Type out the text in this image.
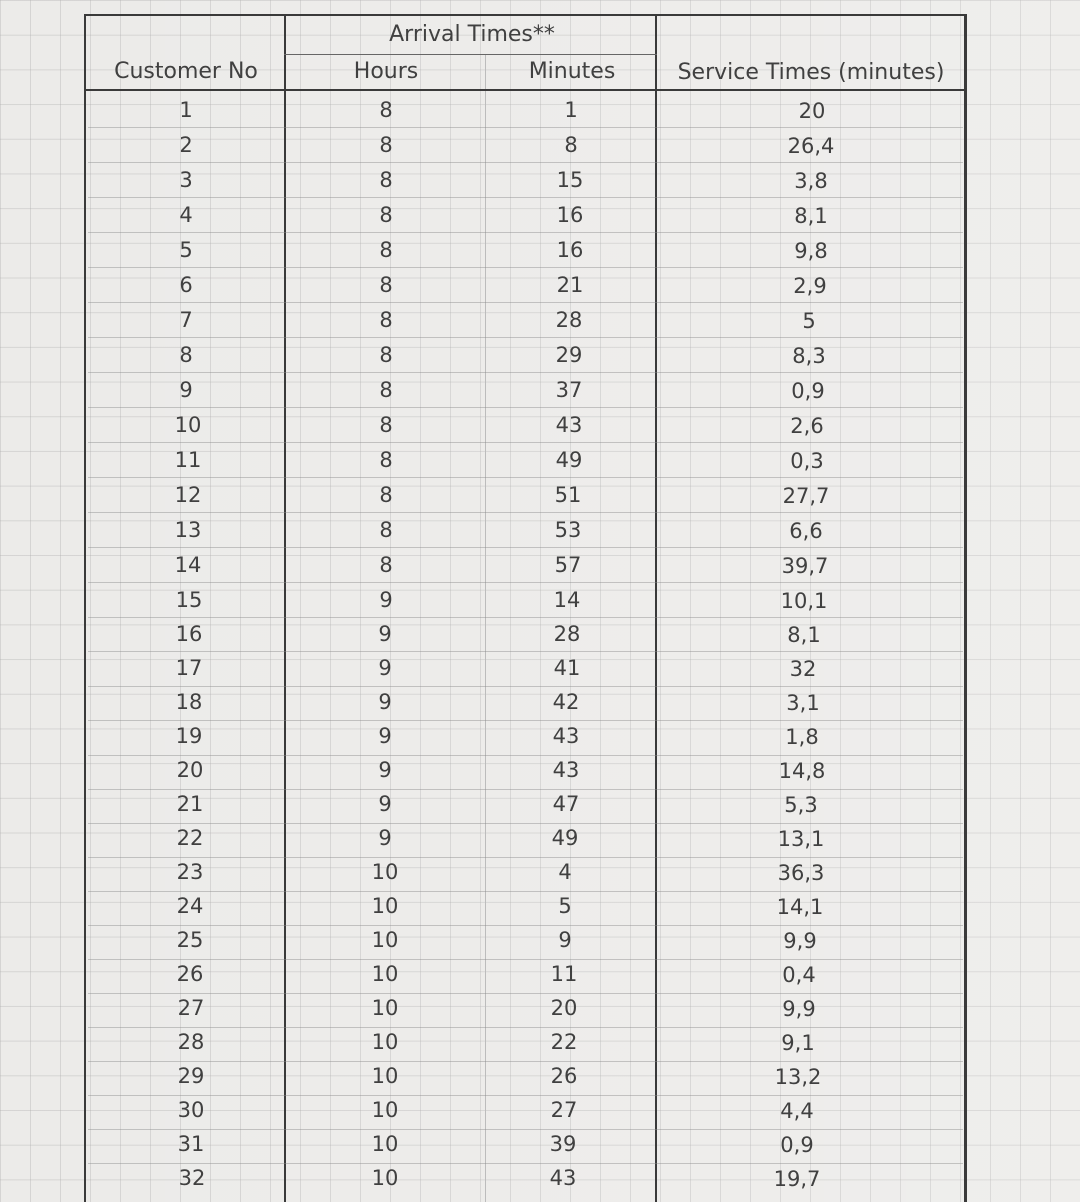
Arrival Times**
Customer No	Hours	Minutes	Service Times (minutes)
1	8	1	20
2	8	8	26,4
3	8	15	3,8
4	8	16	8,1
5	8	16	9,8
6	8	21	2,9
7	8	28	5
8	8	29	8,3
9	8	37	0,9
10	8	43	2,6
11	8	49	0,3
12	8	51	27,7
13	8	53	6,6
14	8	57	39,7
15	9	14	10,1
16	9	28	8,1
17	9	41	32
18	9	42	3,1
19	9	43	1,8
20	9	43	14,8
21	9	47	5,3
22	9	49	13,1
23	10	4	36,3
24	10	5	14,1
25	10	9	9,9
26	10	11	0,4
27	10	20	9,9
28	10	22	9,1
29	10	26	13,2
30	10	27	4,4
31	10	39	0,9
32	10	43	19,7
